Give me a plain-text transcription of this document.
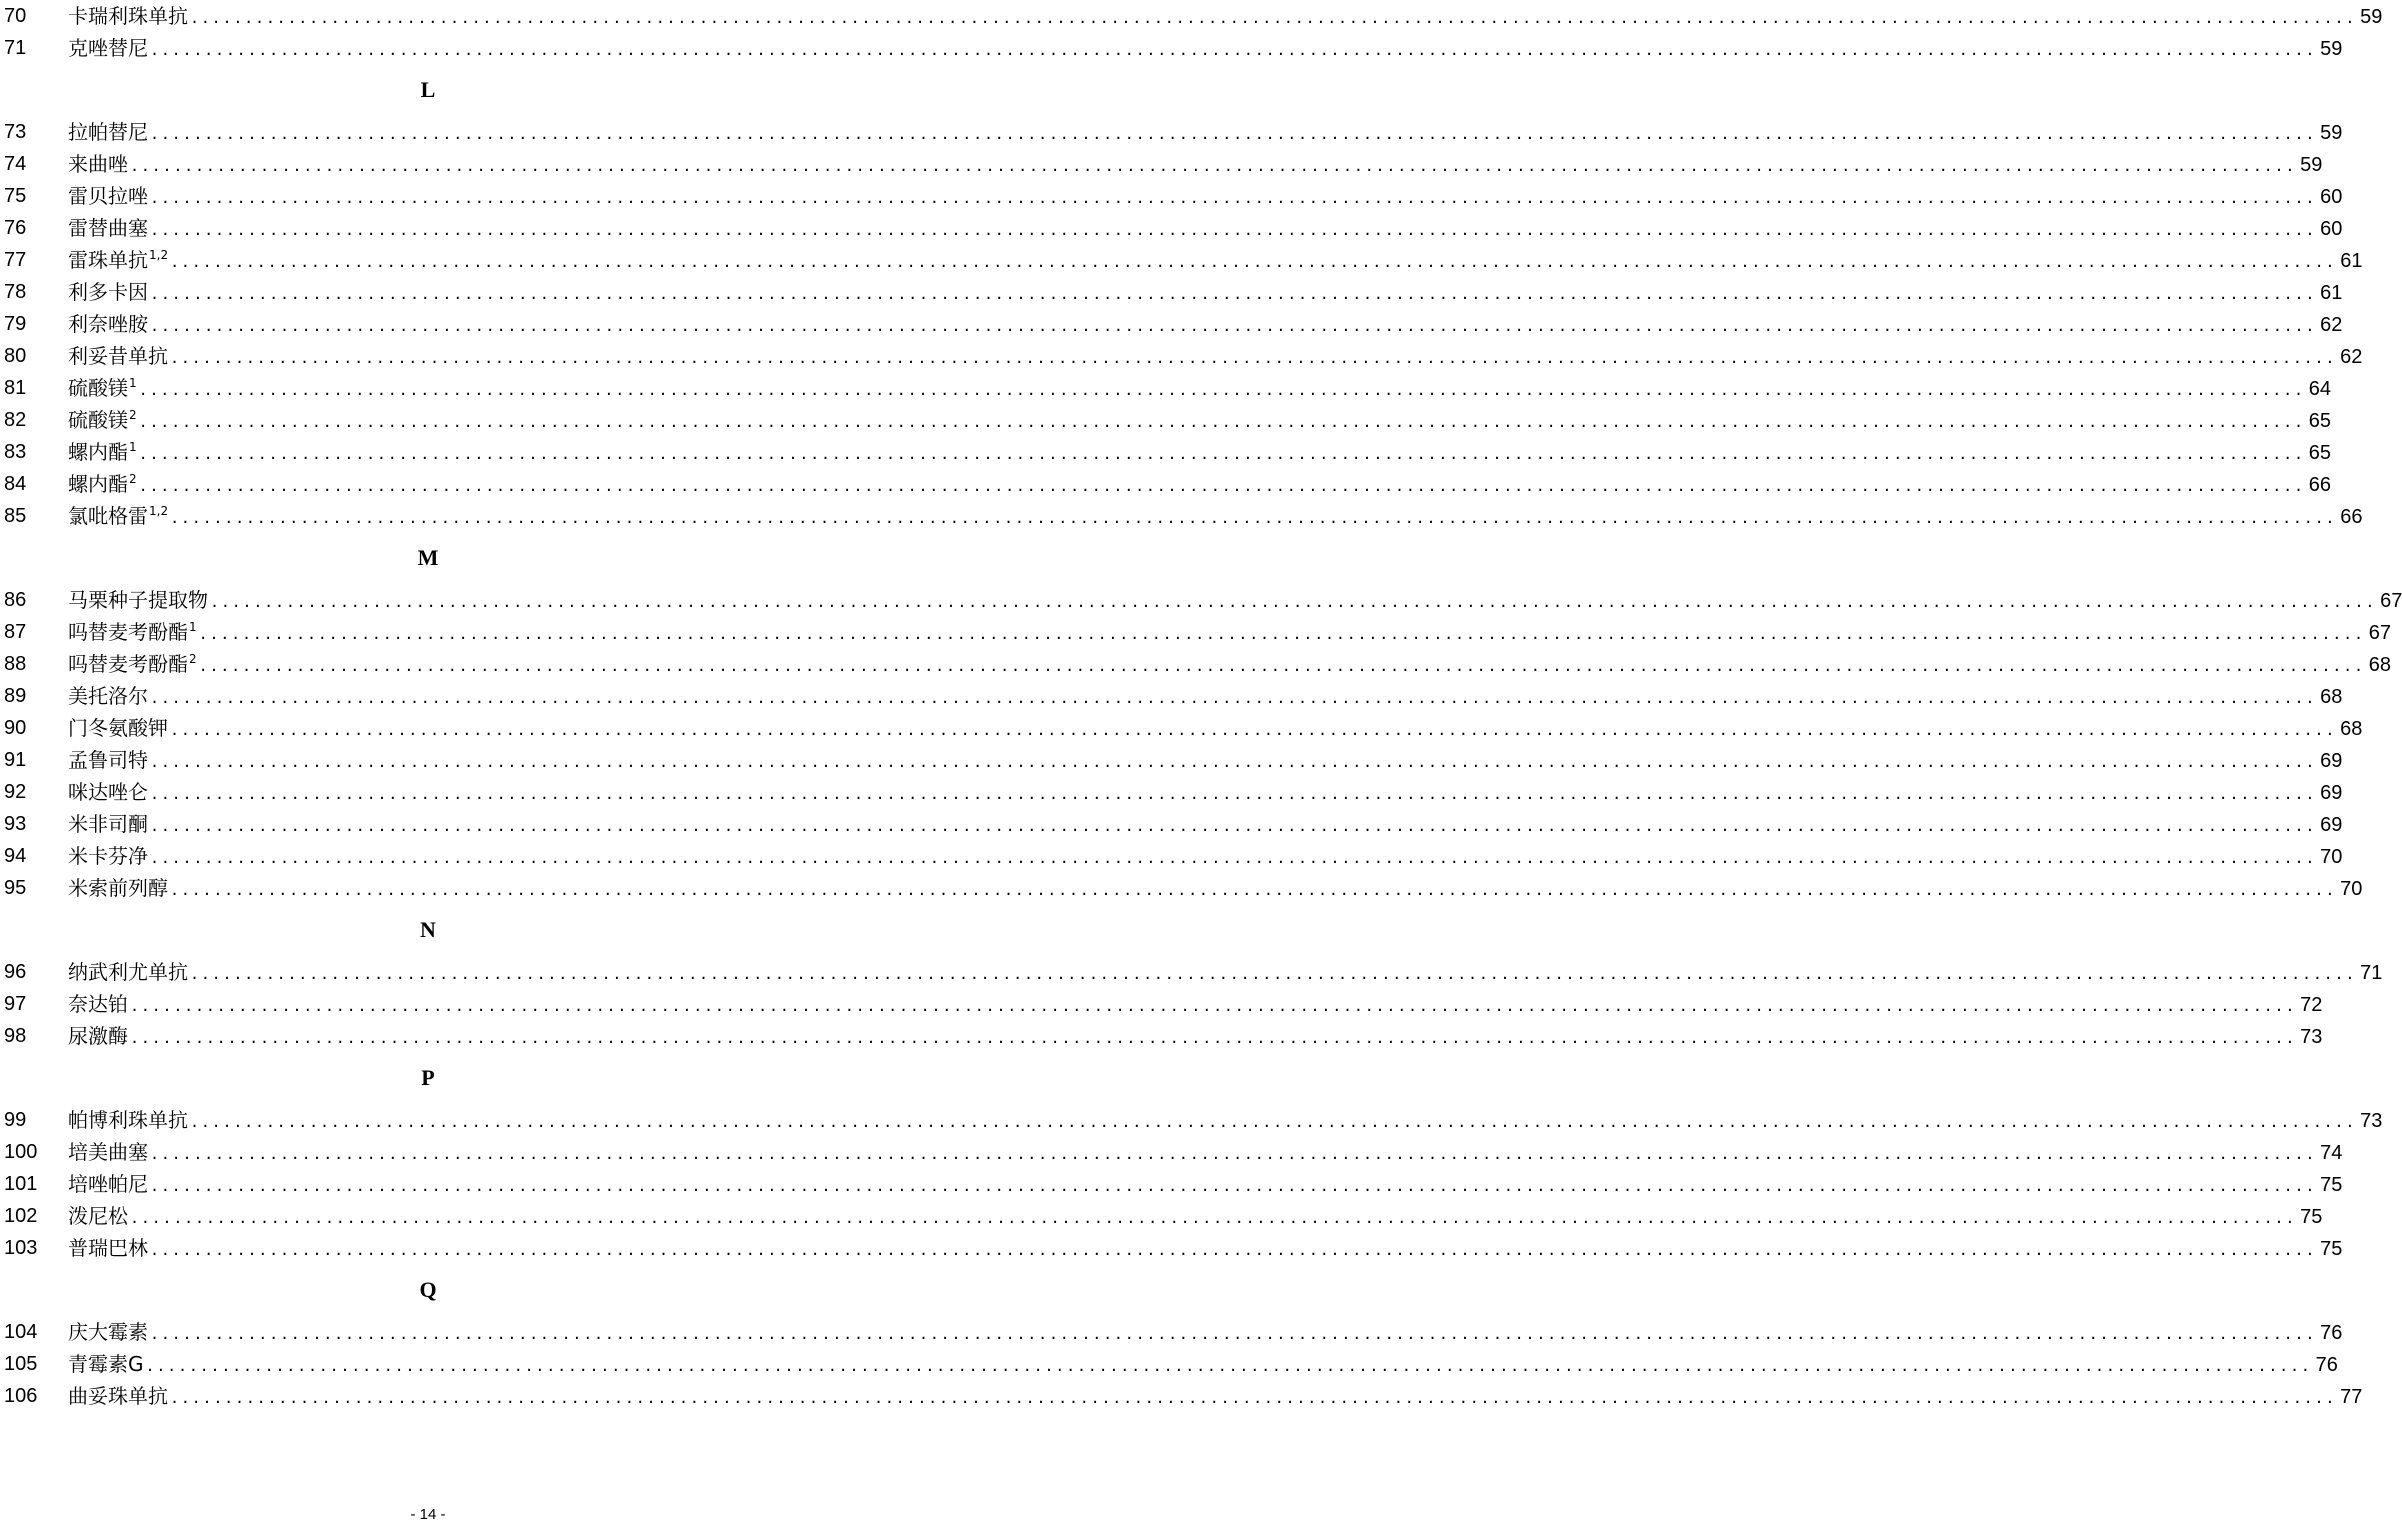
70 卡瑞利珠单抗 ........................................................................................................................................................................................................ 59
71 克唑替尼 ........................................................................................................................................................................................................ 59
L
73 拉帕替尼 ........................................................................................................................................................................................................ 59
74 来曲唑 ........................................................................................................................................................................................................ 59
75 雷贝拉唑 ........................................................................................................................................................................................................ 60
76 雷替曲塞 ........................................................................................................................................................................................................ 60
77 雷珠单抗$^{1,2}$ ........................................................................................................................................................................................................ 61
78 利多卡因 ........................................................................................................................................................................................................ 61
79 利奈唑胺 ........................................................................................................................................................................................................ 62
80 利妥昔单抗 ........................................................................................................................................................................................................ 62
81 硫酸镁$^1$ ........................................................................................................................................................................................................ 64
82 硫酸镁$^2$ ........................................................................................................................................................................................................ 65
83 螺内酯$^1$ ........................................................................................................................................................................................................ 65
84 螺内酯$^2$ ........................................................................................................................................................................................................ 66
85 氯吡格雷$^{1,2}$ ........................................................................................................................................................................................................ 66
M
86 马栗种子提取物 ........................................................................................................................................................................................................ 67
87 吗替麦考酚酯$^1$ ........................................................................................................................................................................................................ 67
88 吗替麦考酚酯$^2$ ........................................................................................................................................................................................................ 68
89 美托洛尔 ........................................................................................................................................................................................................ 68
90 门冬氨酸钾 ........................................................................................................................................................................................................ 68
91 孟鲁司特 ........................................................................................................................................................................................................ 69
92 咪达唑仑 ........................................................................................................................................................................................................ 69
93 米非司酮 ........................................................................................................................................................................................................ 69
94 米卡芬净 ........................................................................................................................................................................................................ 70
95 米索前列醇 ........................................................................................................................................................................................................ 70
N
96 纳武利尤单抗 ........................................................................................................................................................................................................ 71
97 奈达铂 ........................................................................................................................................................................................................ 72
98 尿激酶 ........................................................................................................................................................................................................ 73
P
99 帕博利珠单抗 ........................................................................................................................................................................................................ 73
100 培美曲塞 ........................................................................................................................................................................................................ 74
101 培唑帕尼 ........................................................................................................................................................................................................ 75
102 泼尼松 ........................................................................................................................................................................................................ 75
103 普瑞巴林 ........................................................................................................................................................................................................ 75
Q
104 庆大霉素 ........................................................................................................................................................................................................ 76
105 青霉素G ........................................................................................................................................................................................................ 76
106 曲妥珠单抗 ........................................................................................................................................................................................................ 77
- 14 -
